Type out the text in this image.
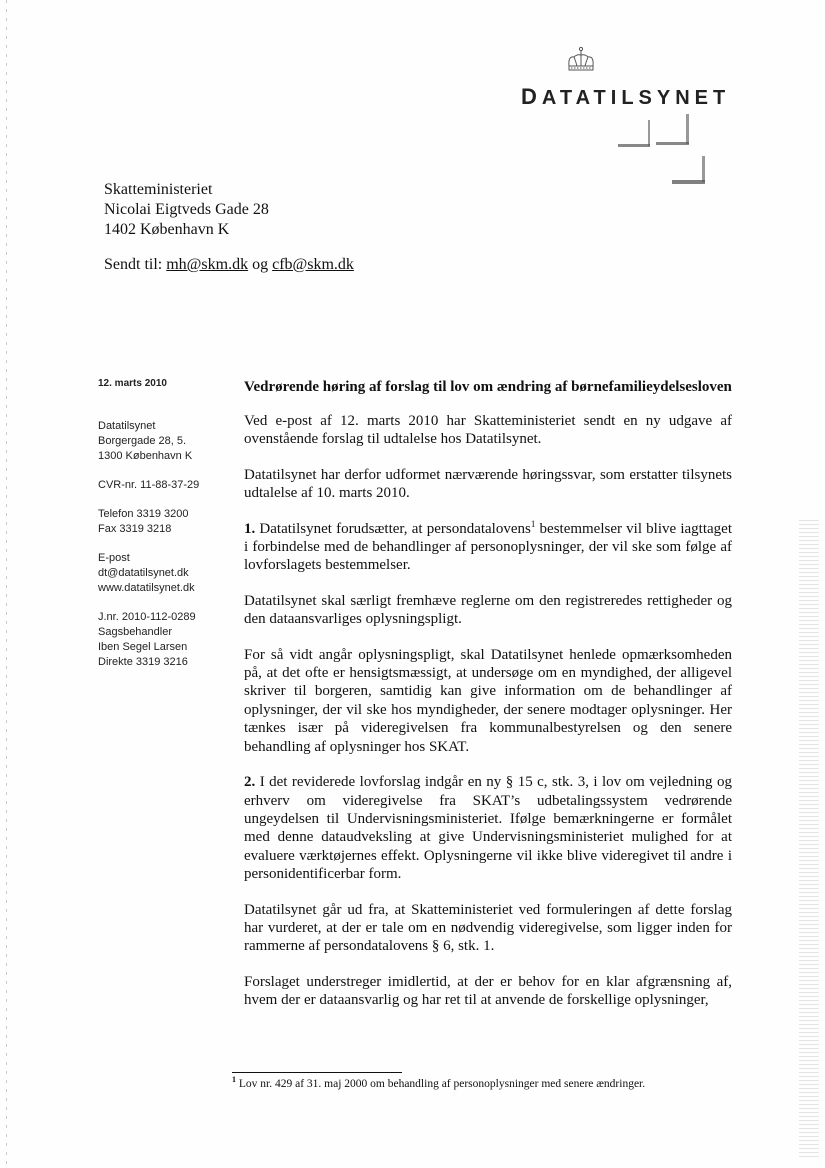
DATATILSYNET
Skatteministeriet
Nicolai Eigtveds Gade 28
1402 København K
Sendt til: mh@skm.dk og cfb@skm.dk
12. marts 2010
Datatilsynet
Borgergade 28, 5.
1300 København K
CVR-nr. 11-88-37-29
Telefon 3319 3200
Fax 3319 3218
E-post
dt@datatilsynet.dk
www.datatilsynet.dk
J.nr. 2010-112-0289
Sagsbehandler
Iben Segel Larsen
Direkte 3319 3216
Vedrørende høring af forslag til lov om ændring af børnefamilieydelsesloven

Ved e-post af 12. marts 2010 har Skatteministeriet sendt en ny udgave af ovenstående forslag til udtalelse hos Datatilsynet.

Datatilsynet har derfor udformet nærværende høringssvar, som erstatter tilsynets udtalelse af 10. marts 2010.

1. Datatilsynet forudsætter, at persondatalovens$^1$ bestemmelser vil blive iagttaget i forbindelse med de behandlinger af personoplysninger, der vil ske som følge af lovforslagets bestemmelser.

Datatilsynet skal særligt fremhæve reglerne om den registreredes rettigheder og den dataansvarliges oplysningspligt.

For så vidt angår oplysningspligt, skal Datatilsynet henlede opmærksomheden på, at det ofte er hensigtsmæssigt, at undersøge om en myndighed, der alligevel skriver til borgeren, samtidig kan give information om de behandlinger af oplysninger, der vil ske hos myndigheder, der senere modtager oplysninger. Her tænkes især på videregivelsen fra kommunalbestyrelsen og den senere behandling af oplysninger hos SKAT.

2. I det reviderede lovforslag indgår en ny § 15 c, stk. 3, i lov om vejledning og erhverv om videregivelse fra SKAT’s udbetalingssystem vedrørende ungeydelsen til Undervisningsministeriet. Ifølge bemærkningerne er formålet med denne dataudveksling at give Undervisningsministeriet mulighed for at evaluere værktøjernes effekt. Oplysningerne vil ikke blive videregivet til andre i personidentificerbar form.

Datatilsynet går ud fra, at Skatteministeriet ved formuleringen af dette forslag har vurderet, at der er tale om en nødvendig videregivelse, som ligger inden for rammerne af persondatalovens § 6, stk. 1.

Forslaget understreger imidlertid, at der er behov for en klar afgrænsning af, hvem der er dataansvarlig og har ret til at anvende de forskellige oplysninger,

$^1$ Lov nr. 429 af 31. maj 2000 om behandling af personoplysninger med senere ændringer.
